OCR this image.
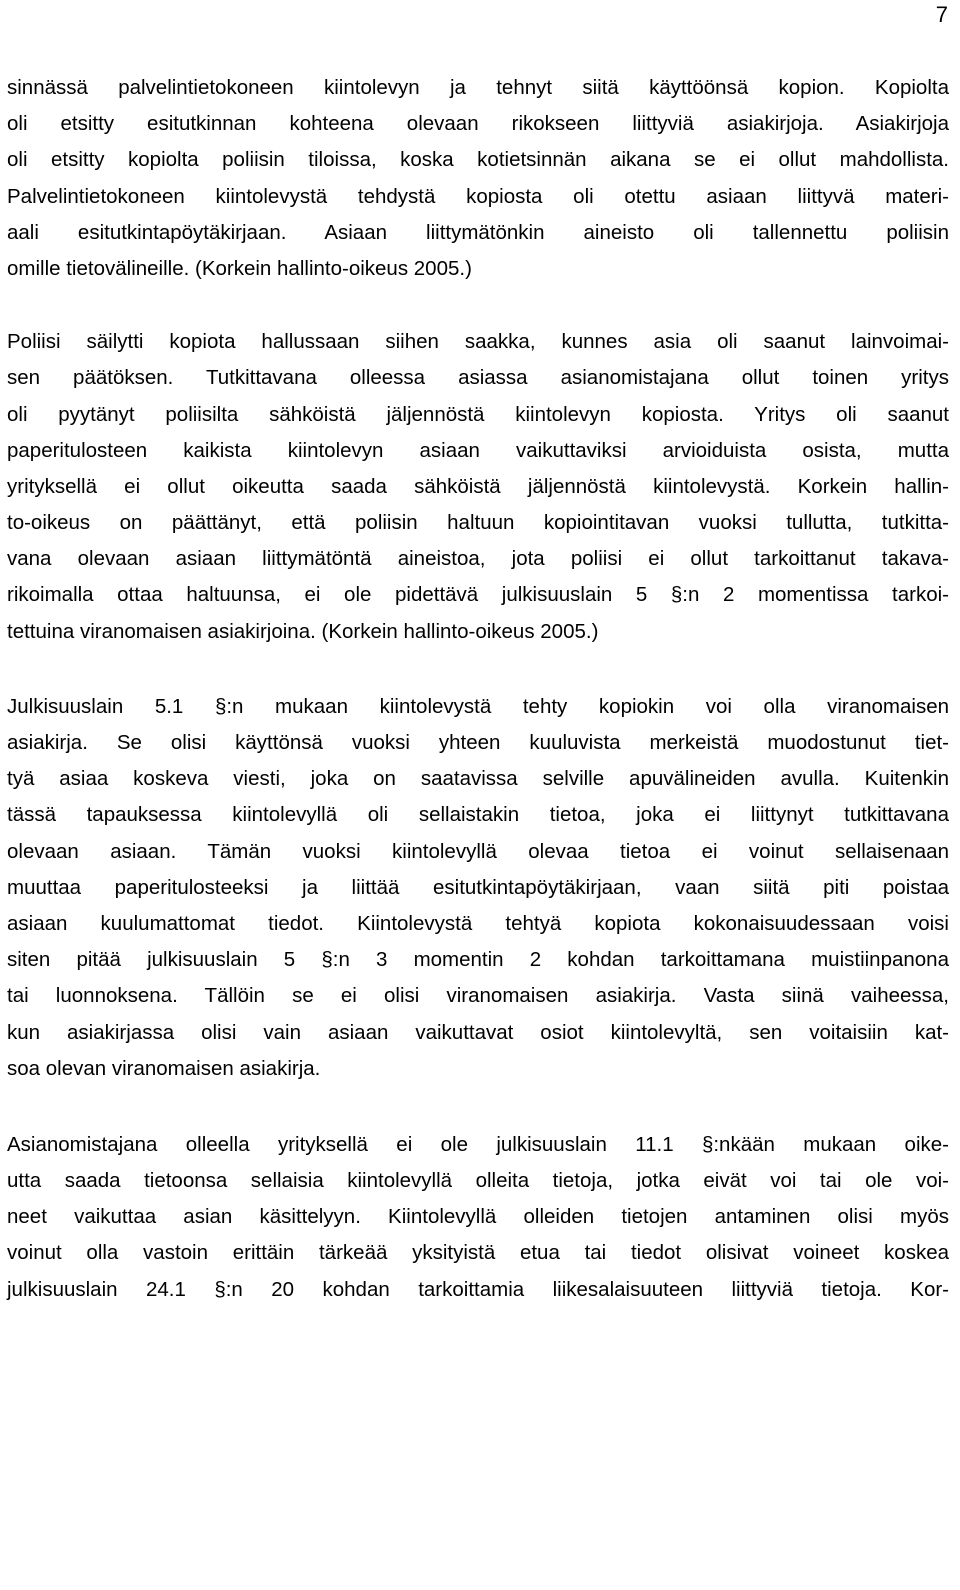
7
sinnässä palvelintietokoneen kiintolevyn ja tehnyt siitä käyttöönsä kopion. Kopiolta
oli etsitty esitutkinnan kohteena olevaan rikokseen liittyviä asiakirjoja. Asiakirjoja
oli etsitty kopiolta poliisin tiloissa, koska kotietsinnän aikana se ei ollut mahdollista.
Palvelintietokoneen kiintolevystä tehdystä kopiosta oli otettu asiaan liittyvä materi-
aali esitutkintapöytäkirjaan. Asiaan liittymätönkin aineisto oli tallennettu poliisin
omille tietovälineille. (Korkein hallinto-oikeus 2005.)
Poliisi säilytti kopiota hallussaan siihen saakka, kunnes asia oli saanut lainvoimai-
sen päätöksen. Tutkittavana olleessa asiassa asianomistajana ollut toinen yritys
oli pyytänyt poliisilta sähköistä jäljennöstä kiintolevyn kopiosta. Yritys oli saanut
paperitulosteen kaikista kiintolevyn asiaan vaikuttaviksi arvioiduista osista, mutta
yrityksellä ei ollut oikeutta saada sähköistä jäljennöstä kiintolevystä. Korkein hallin-
to-oikeus on päättänyt, että poliisin haltuun kopiointitavan vuoksi tullutta, tutkitta-
vana olevaan asiaan liittymätöntä aineistoa, jota poliisi ei ollut tarkoittanut takava-
rikoimalla ottaa haltuunsa, ei ole pidettävä julkisuuslain 5 §:n 2 momentissa tarkoi-
tettuina viranomaisen asiakirjoina. (Korkein hallinto-oikeus 2005.)
Julkisuuslain 5.1 §:n mukaan kiintolevystä tehty kopiokin voi olla viranomaisen
asiakirja. Se olisi käyttönsä vuoksi yhteen kuuluvista merkeistä muodostunut tiet-
tyä asiaa koskeva viesti, joka on saatavissa selville apuvälineiden avulla. Kuitenkin
tässä tapauksessa kiintolevyllä oli sellaistakin tietoa, joka ei liittynyt tutkittavana
olevaan asiaan. Tämän vuoksi kiintolevyllä olevaa tietoa ei voinut sellaisenaan
muuttaa paperitulosteeksi ja liittää esitutkintapöytäkirjaan, vaan siitä piti poistaa
asiaan kuulumattomat tiedot. Kiintolevystä tehtyä kopiota kokonaisuudessaan voisi
siten pitää julkisuuslain 5 §:n 3 momentin 2 kohdan tarkoittamana muistiinpanona
tai luonnoksena. Tällöin se ei olisi viranomaisen asiakirja. Vasta siinä vaiheessa,
kun asiakirjassa olisi vain asiaan vaikuttavat osiot kiintolevyltä, sen voitaisiin kat-
soa olevan viranomaisen asiakirja.
Asianomistajana olleella yrityksellä ei ole julkisuuslain 11.1 §:nkään mukaan oike-
utta saada tietoonsa sellaisia kiintolevyllä olleita tietoja, jotka eivät voi tai ole voi-
neet vaikuttaa asian käsittelyyn. Kiintolevyllä olleiden tietojen antaminen olisi myös
voinut olla vastoin erittäin tärkeää yksityistä etua tai tiedot olisivat voineet koskea
julkisuuslain 24.1 §:n 20 kohdan tarkoittamia liikesalaisuuteen liittyviä tietoja. Kor-
